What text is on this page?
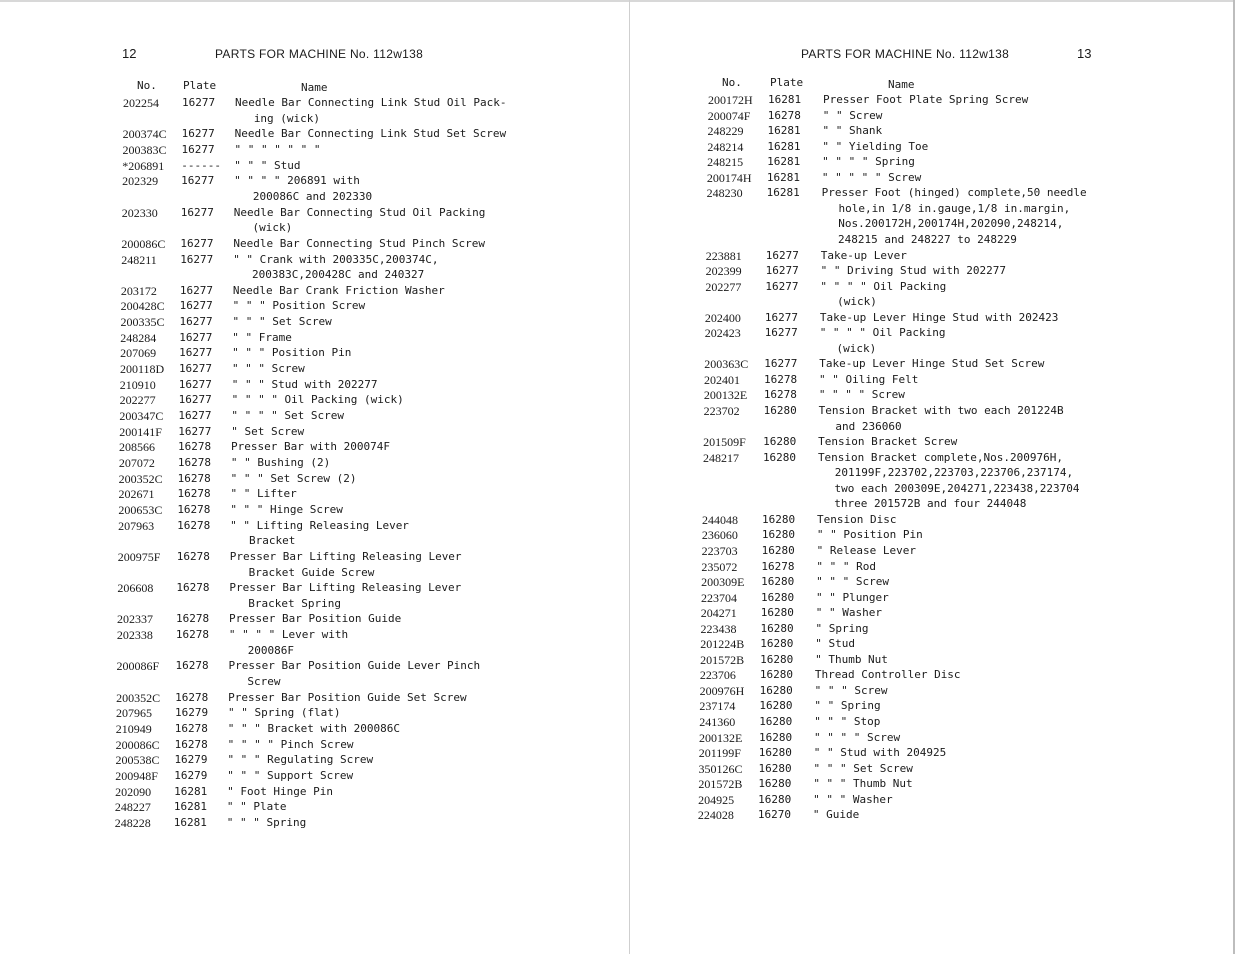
12	PARTS FOR MACHINE No. 112w138
No. Plate	Name
202254 16277 Needle Bar Connecting Link Stud Oil Pack-
ing (wick)
200374C 16277 Needle Bar Connecting Link Stud Set Screw
200383C 16277 " " " " " " "
*206891 ------ " " " Stud
202329 16277 " " " " 206891 with
200086C and 202330
202330 16277 Needle Bar Connecting Stud Oil Packing
(wick)
200086C 16277 Needle Bar Connecting Stud Pinch Screw
248211 16277 " " Crank with 200335C,200374C,
200383C,200428C and 240327
203172 16277 Needle Bar Crank Friction Washer
200428C 16277 " " " Position Screw
200335C 16277 " " " Set Screw
248284 16277 " " Frame
207069 16277 " " " Position Pin
200118D 16277 " " " Screw
210910 16277 " " " Stud with 202277
202277 16277 " " " " Oil Packing (wick)
200347C 16277 " " " " Set Screw
200141F 16277 " Set Screw
208566 16278 Presser Bar with 200074F
207072 16278 " " Bushing (2)
200352C 16278 " " " Set Screw (2)
202671 16278 " " Lifter
200653C 16278 " " " Hinge Screw
207963 16278 " " Lifting Releasing Lever
Bracket
200975F 16278 Presser Bar Lifting Releasing Lever
Bracket Guide Screw
206608 16278 Presser Bar Lifting Releasing Lever
Bracket Spring
202337 16278 Presser Bar Position Guide
202338 16278 " " " " Lever with
200086F
200086F 16278 Presser Bar Position Guide Lever Pinch
Screw
200352C 16278 Presser Bar Position Guide Set Screw
207965 16279 " " Spring (flat)
210949 16278 " " " Bracket with 200086C
200086C 16278 " " " " Pinch Screw
200538C 16279 " " " Regulating Screw
200948F 16279 " " " Support Screw
202090 16281 " Foot Hinge Pin
248227 16281 " " Plate
248228 16281 " " " Spring
PARTS FOR MACHINE No. 112w138	13
No.	Plate	Name
200172H 16281 Presser Foot Plate Spring Screw
200074F 16278 " " Screw
248229 16281 " " Shank
248214 16281 " " Yielding Toe
248215 16281 " " " " Spring
200174H 16281 " " " " " Screw
248230 16281 Presser Foot (hinged) complete,50 needle
hole,in 1/8 in.gauge,1/8 in.margin,
Nos.200172H,200174H,202090,248214,
248215 and 248227 to 248229
223881 16277 Take-up Lever
202399 16277 " " Driving Stud with 202277
202277 16277 " " " " Oil Packing
(wick)
202400 16277 Take-up Lever Hinge Stud with 202423
202423 16277 " " " " Oil Packing
(wick)
200363C 16277 Take-up Lever Hinge Stud Set Screw
202401 16278 " " Oiling Felt
200132E 16278 " " " " Screw
223702 16280 Tension Bracket with two each 201224B
and 236060
201509F 16280 Tension Bracket Screw
248217 16280 Tension Bracket complete,Nos.200976H,
201199F,223702,223703,223706,237174,
two each 200309E,204271,223438,223704
three 201572B and four 244048
244048 16280 Tension Disc
236060 16280 " " Position Pin
223703 16280 " Release Lever
235072 16278 " " " Rod
200309E 16280 " " " Screw
223704 16280 " " Plunger
204271 16280 " " Washer
223438 16280 " Spring
201224B 16280 " Stud
201572B 16280 " Thumb Nut
223706 16280 Thread Controller Disc
200976H 16280 " " " Screw
237174 16280 " " Spring
241360 16280 " " " Stop
200132E 16280 " " " " Screw
201199F 16280 " " Stud with 204925
350126C 16280 " " " Set Screw
201572B 16280 " " " Thumb Nut
204925 16280 " " " Washer
224028 16270 " Guide
